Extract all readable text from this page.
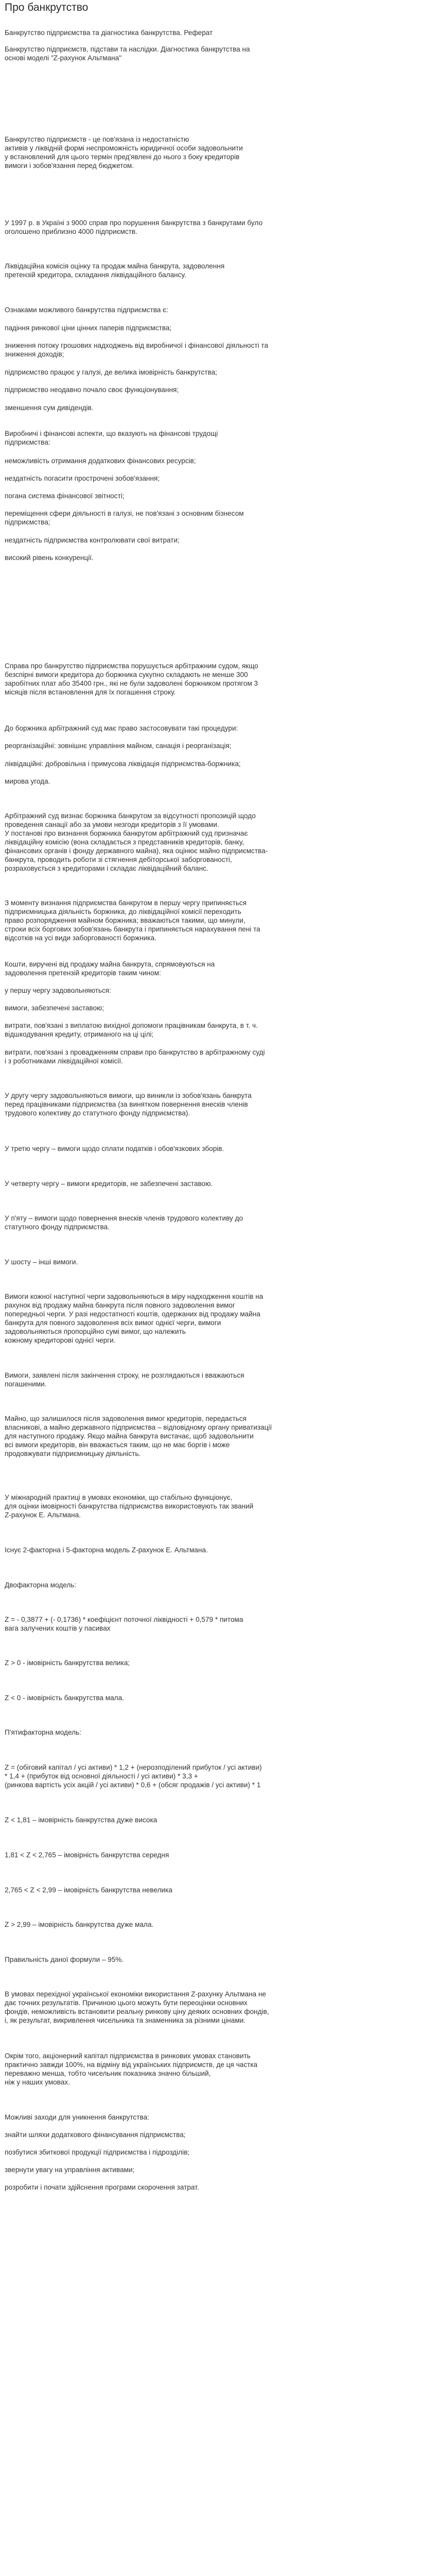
Про банкрутство

Банкрутство підприємства та діагностика банкрутства. Реферат

Банкрутство підприємств, підстави та наслідки. Діагностика банкрутства на
основі моделі "Z-рахунок Альтмана"

Банкрутство підприємств - це пов'язана із недостатністю
активів у ліквідній формі неспроможність юридичної особи задовольнити
у встановлений для цього термін пред'явлені до нього з боку кредиторів
вимоги і зобов'язання перед бюджетом.

У 1997 р. в Україні з 9000 справ про порушення банкрутства з банкрутами було
оголошено приблизно 4000 підприємств.

Ліквідаційна комісія оцінку та продаж майна банкрута, задоволення
претензій кредитора, складання ліквідаційного балансу.

Ознаками можливого банкрутства підприємства є:

падіння ринкової ціни цінних паперів підприємства;

зниження потоку грошових надходжень від виробничої і фінансової діяльності та
зниження доходів;

підприємство працює у галузі, де велика імовірність банкрутства;

підприємство неодавно почало своє функціонування;

зменшення сум дивідендів.

Виробничі і фінансові аспекти, що вказують на фінансові трудощі
підприємства:

неможливість отримання додаткових фінансових ресурсів;

нездатність погасити прострочені зобов'язання;

погана система фінансової звітності;

переміщення сфери діяльності в галузі, не пов'язані з основним бізнесом
підприємства;

нездатність підприємства контролювати свої витрати;

високий рівень конкуренції.

Справа про банкрутство підприємства порушується арбітражним судом, якщо
безспірні вимоги кредитора до боржника сукупно складають не менше 300
заробітних плат або 35400 грн., які не були задоволені боржником протягом 3
місяців після встановлення для їх погашення строку.

До боржника арбітражний суд має право застосовувати такі процедури:

реорганізаційні: зовнішнє управління майном, санація і реорганізація;

ліквідаційні: добровільна і примусова ліквідація підприємства-боржника;

мирова угода.

Арбітражний суд визнає боржника банкрутом за відсутності пропозицій щодо
проведення санації або за умови незгоди кредиторів з її умовами.
У постанові про визнання боржника банкрутом арбітражний суд призначає
ліквідаційну комісію (вона складається з представників кредиторів, банку,
фінансових органів і фонду державного майна), яка оцінює майно підприємства-
банкрута, проводить роботи зі стягнення дебіторської заборгованості,
розраховується з кредиторами і складає ліквідаційний баланс.

З моменту визнання підприємства банкрутом в першу чергу припиняється
підприємницька діяльність боржника, до ліквідаційної комісії переходить
право розпорядження майном боржника; вважаються такими, що минули,
строки всіх боргових зобов'язань банкрута і припиняється нарахування пені та
відсотків на усі види заборгованості боржника.

Кошти, виручені від продажу майна банкрута, спрямовуються на
задоволення претензій кредиторів таким чином:

у першу чергу задовольняються:

вимоги, забезпечені заставою;

витрати, пов'язані з виплатою вихідної допомоги працівникам банкрута, в т. ч.
відшкодування кредиту, отриманого на ці цілі;

витрати, пов'язані з провадженням справи про банкрутство в арбітражному суді
і з роботниками ліквідаційної комісії.

У другу чергу задовольняються вимоги, що виникли із зобов'язань банкрута
перед працівниками підприємства (за винятком повернення внесків членів
трудового колективу до статутного фонду підприємства).

У третю чергу – вимоги щодо сплати податків і обов'язкових зборів.

У четверту чергу – вимоги кредиторів, не забезпечені заставою.

У п'яту – вимоги щодо повернення внесків членів трудового колективу до
статутного фонду підприємства.

У шосту – інші вимоги.

Вимоги кожної наступної черги задовольняються в міру надходження коштів на
рахунок від продажу майна банкрута після повного задоволення вимог
попередньої черги. У разі недостатності коштів, одержаних від продажу майна
банкрута для повного задоволення всіх вимог однієї черги, вимоги
задовольняються пропорційно сумі вимог, що належить
кожному кредиторові однієї черги.

Вимоги, заявлені після закінчення строку, не розглядаються і вважаються
погашеними.

Майно, що залишилося після задоволення вимог кредиторів, передається
власникові, а майно державного підприємства – відповідному органу приватизації
для наступного продажу. Якщо майна банкрута вистачає, щоб задовольнити
всі вимоги кредиторів, він вважається таким, що не має боргів і може
продовжувати підприємницьку діяльність.

У міжнародній практиці в умовах економіки, що стабільно функціонує,
для оцінки імовірності банкрутства підприємства використовують так званий
Z-рахунок Е. Альтмана.

Існує 2-факторна і 5-факторна модель Z-рахунок Е. Альтмана.

Двофакторна модель:

Z = - 0,3877 + (- 0,1736) * коефіцієнт поточної ліквідності + 0,579 * питома
вага залучених коштів у пасивах

Z > 0 - імовірність банкрутства велика;

Z < 0 - імовірність банкрутства мала.

П'ятифакторна модель:

Z = (обіговий капітал / усі активи) * 1,2 + (нерозподілений прибуток / усі активи)
* 1,4 + (прибуток від основної діяльності / усі активи) * 3,3 +
(ринкова вартість усіх акцій / усі активи) * 0,6 + (обсяг продажів / усі активи) * 1

Z < 1,81 – імовірність банкрутства дуже висока

1,81 < Z < 2,765 – імовірність банкрутства середня

2,765 < Z < 2,99 – імовірність банкрутства невелика

Z > 2,99 – імовірність банкрутства дуже мала.

Правильність даної формули – 95%.

В умовах перехідної української економіки використання Z-рахунку Альтмана не
дає точних результатів. Причиною цього можуть бути переоцінки основних
фондів, неможливість встановити реальну ринкову ціну деяких основних фондів,
і, як результат, викривлення чисельника та знаменника за різними цінами.

Окрім того, акціонерний капітал підприємства в ринкових умовах становить
практично завжди 100%, на відміну від українських підприємств, де ця частка
переважно менша, тобто чисельник показника значно більший,
ніж у наших умовах.

Можливі заходи для уникнення банкрутства:

знайти шляхи додаткового фінансування підприємства;

позбутися збиткової продукції підприємства і підрозділів;

звернути увагу на управління активами;

розробити і почати здійснення програми скорочення затрат.
